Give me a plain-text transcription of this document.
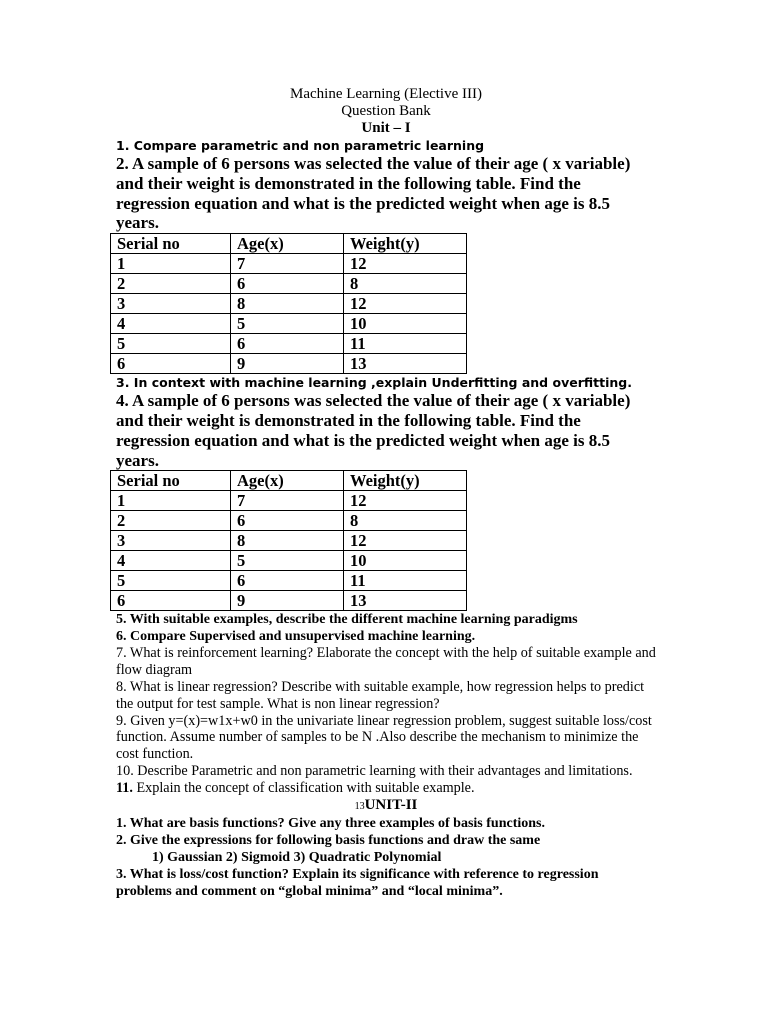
Machine Learning (Elective III)
Question Bank
Unit – I
1. Compare parametric and non parametric learning
2. A sample of 6 persons was selected the value of their age ( x variable) and their weight is demonstrated in the following table. Find the regression equation and what is the predicted weight when age is 8.5 years.
Serial no	Age(x)	Weight(y)
1	7	12
2	6	8
3	8	12
4	5	10
5	6	11
6	9	13
3. In context with machine learning ,explain Underfitting and overfitting.
4. A sample of 6 persons was selected the value of their age ( x variable) and their weight is demonstrated in the following table. Find the regression equation and what is the predicted weight when age is 8.5 years.
Serial no	Age(x)	Weight(y)
1	7	12
2	6	8
3	8	12
4	5	10
5	6	11
6	9	13
5. With suitable examples, describe the different machine learning paradigms
6. Compare Supervised and unsupervised machine learning.
7. What is reinforcement learning? Elaborate the concept with the help of suitable example and flow diagram
8. What is linear regression? Describe with suitable example, how regression helps to predict the output for test sample. What is non linear regression?
9. Given y=(x)=w1x+w0 in the univariate linear regression problem, suggest suitable loss/cost function. Assume number of samples to be N .Also describe the mechanism to minimize the cost function.
10. Describe Parametric and non parametric learning with their advantages and limitations.
11. Explain the concept of classification with suitable example.
13UNIT-II
1. What are basis functions? Give any three examples of basis functions.
2. Give the expressions for following basis functions and draw the same
1) Gaussian 2) Sigmoid 3) Quadratic Polynomial
3. What is loss/cost function? Explain its significance with reference to regression problems and comment on “global minima” and “local minima”.
